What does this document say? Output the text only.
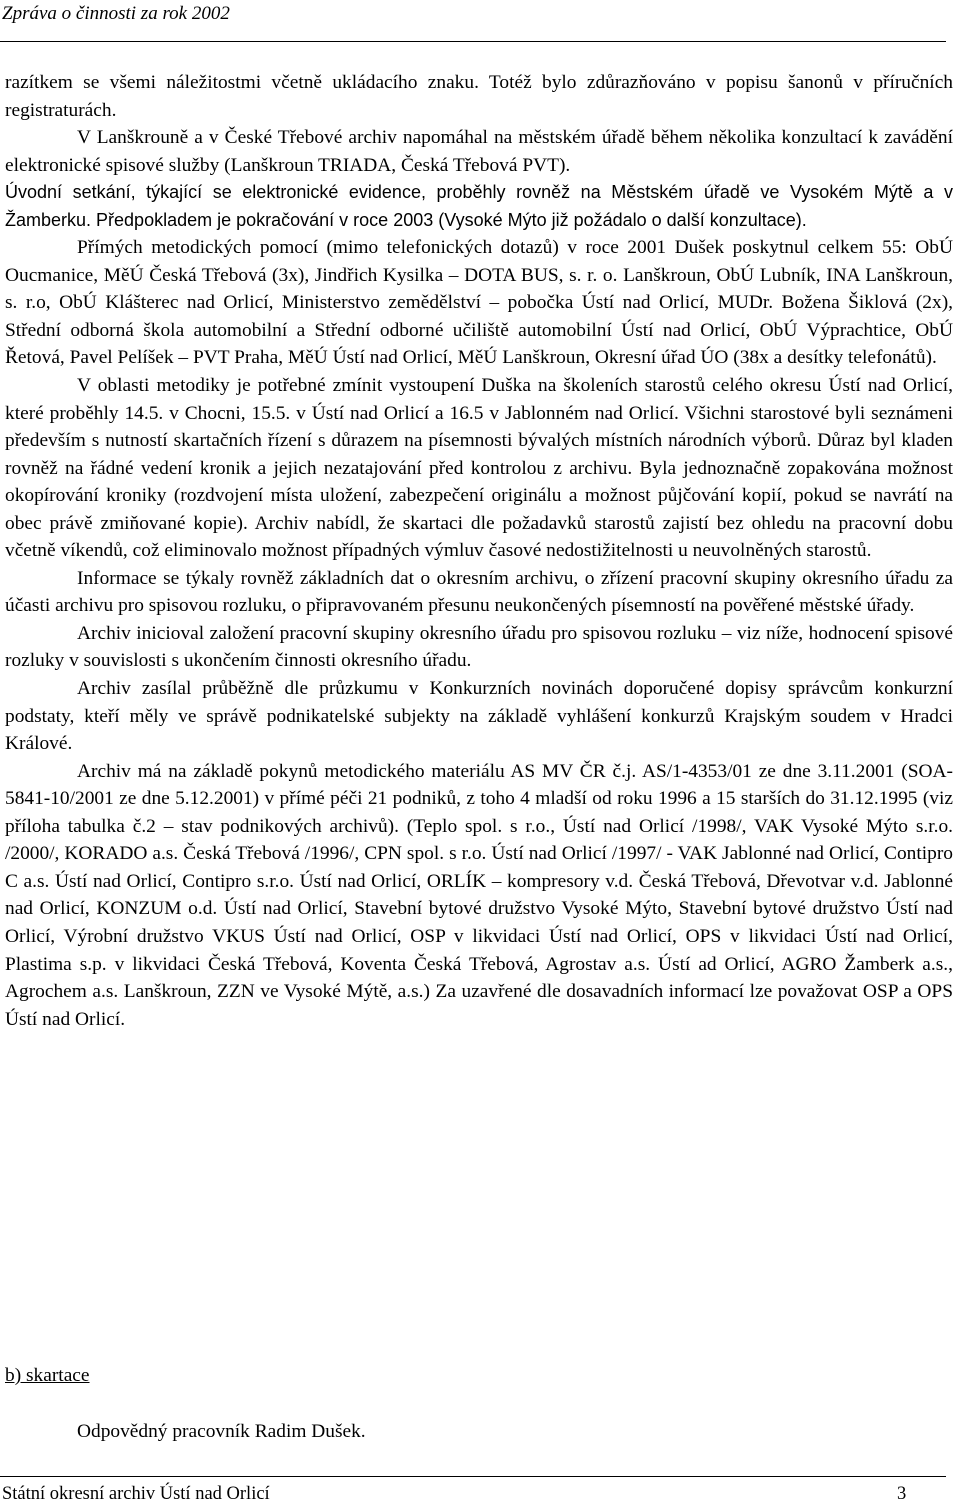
Zpráva o činnosti za rok 2002

razítkem se všemi náležitostmi včetně ukládacího znaku. Totéž bylo zdůrazňováno v popisu šanonů v příručních registraturách.

V Lanškrouně a v České Třebové archiv napomáhal na městském úřadě během několika konzultací k zavádění elektronické spisové služby (Lanškroun TRIADA, Česká Třebová PVT).

Úvodní setkání, týkající se elektronické evidence, proběhly rovněž na Městském úřadě ve Vysokém Mýtě a v Žamberku. Předpokladem je pokračování v roce 2003 (Vysoké Mýto již požádalo o další konzultace).

Přímých metodických pomocí (mimo telefonických dotazů) v roce 2001 Dušek poskytnul celkem 55: ObÚ Oucmanice, MěÚ Česká Třebová (3x), Jindřich Kysilka – DOTA BUS, s. r. o. Lanškroun, ObÚ Lubník, INA Lanškroun, s. r.o, ObÚ Klášterec nad Orlicí, Ministerstvo zemědělství – pobočka Ústí nad Orlicí, MUDr. Božena Šiklová (2x), Střední odborná škola automobilní a Střední odborné učiliště automobilní Ústí nad Orlicí, ObÚ Výprachtice, ObÚ Řetová, Pavel Pelíšek – PVT Praha, MěÚ Ústí nad Orlicí, MěÚ Lanškroun, Okresní úřad ÚO (38x a desítky telefonátů).

V oblasti metodiky je potřebné zmínit vystoupení Duška na školeních starostů celého okresu Ústí nad Orlicí, které proběhly 14.5. v Chocni, 15.5. v Ústí nad Orlicí a 16.5 v Jablonném nad Orlicí. Všichni starostové byli seznámeni především s nutností skartačních řízení s důrazem na písemnosti bývalých místních národních výborů. Důraz byl kladen rovněž na řádné vedení kronik a jejich nezatajování před kontrolou z archivu. Byla jednoznačně zopakována možnost okopírování kroniky (rozdvojení místa uložení, zabezpečení originálu a možnost půjčování kopií, pokud se navrátí na obec právě zmiňované kopie). Archiv nabídl, že skartaci dle požadavků starostů zajistí bez ohledu na pracovní dobu včetně víkendů, což eliminovalo možnost případných výmluv časové nedostižitelnosti u neuvolněných starostů.

Informace se týkaly rovněž základních dat o okresním archivu, o zřízení pracovní skupiny okresního úřadu za účasti archivu pro spisovou rozluku, o připravovaném přesunu neukončených písemností na pověřené městské úřady.

Archiv inicioval založení pracovní skupiny okresního úřadu pro spisovou rozluku – viz níže, hodnocení spisové rozluky v souvislosti s ukončením činnosti okresního úřadu.

Archiv zasílal průběžně dle průzkumu v Konkurzních novinách doporučené dopisy správcům konkurzní podstaty, kteří měly ve správě podnikatelské subjekty na základě vyhlášení konkurzů Krajským soudem v Hradci Králové.

Archiv má na základě pokynů metodického materiálu AS MV ČR č.j. AS/1-4353/01 ze dne 3.11.2001 (SOA-5841-10/2001 ze dne 5.12.2001) v přímé péči 21 podniků, z toho 4 mladší od roku 1996 a 15 starších do 31.12.1995 (viz příloha tabulka č.2 – stav podnikových archivů). (Teplo spol. s r.o., Ústí nad Orlicí /1998/, VAK Vysoké Mýto s.r.o. /2000/, KORADO a.s. Česká Třebová /1996/, CPN spol. s r.o. Ústí nad Orlicí /1997/ - VAK Jablonné nad Orlicí, Contipro C a.s. Ústí nad Orlicí, Contipro s.r.o. Ústí nad Orlicí, ORLÍK – kompresory v.d. Česká Třebová, Dřevotvar v.d. Jablonné nad Orlicí, KONZUM o.d. Ústí nad Orlicí, Stavební bytové družstvo Vysoké Mýto, Stavební bytové družstvo Ústí nad Orlicí, Výrobní družstvo VKUS Ústí nad Orlicí, OSP v likvidaci Ústí nad Orlicí, OPS v likvidaci Ústí nad Orlicí, Plastima s.p. v likvidaci Česká Třebová, Koventa Česká Třebová, Agrostav a.s. Ústí ad Orlicí, AGRO Žamberk a.s., Agrochem a.s. Lanškroun, ZZN ve Vysoké Mýtě, a.s.) Za uzavřené dle dosavadních informací lze považovat OSP a OPS Ústí nad Orlicí.

b) skartace

Odpovědný pracovník Radim Dušek.

Státní okresní archiv Ústí nad Orlicí	3
